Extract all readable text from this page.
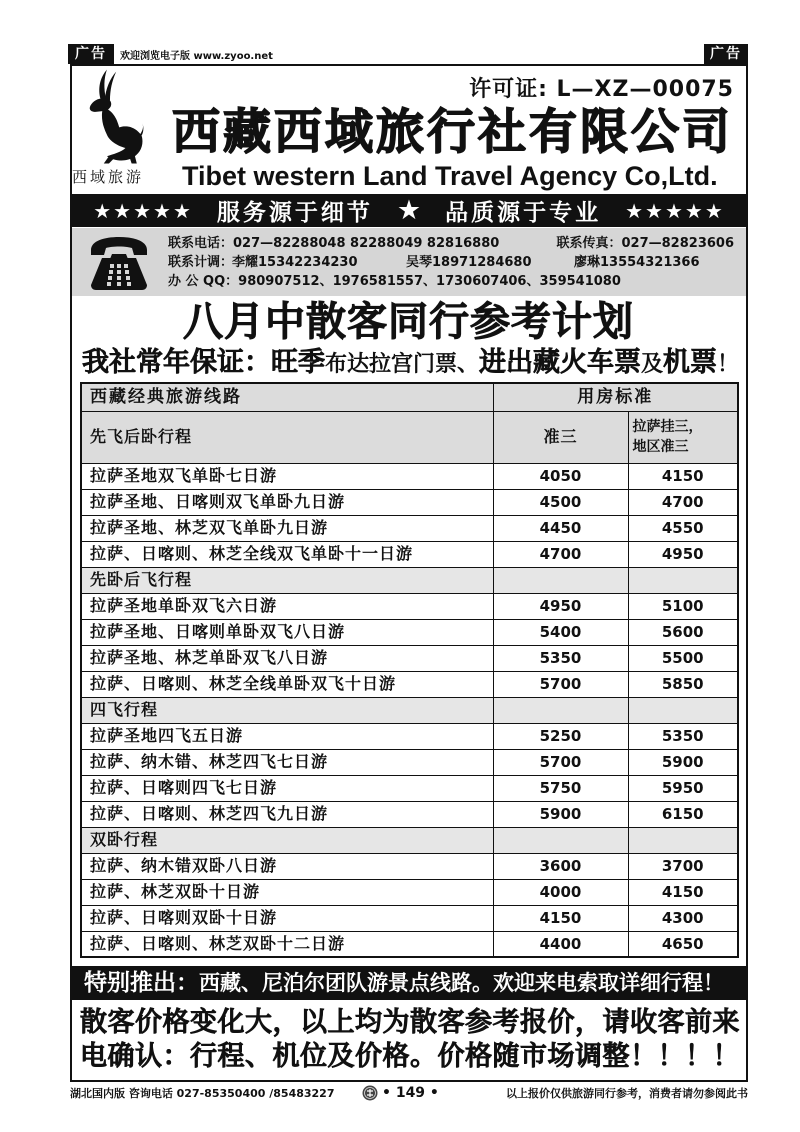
广告	欢迎浏览电子版 www.zyoo.net	广告
西域旅游
许可证: L—XZ—00075
西藏西域旅行社有限公司
Tibet western Land Travel Agency Co,Ltd.
★★★★★ 服务源于细节 ★ 品质源于专业 ★★★★★
联系电话：027—82288048 82288049 82816880	联系传真：027—82823606
联系计调：
李耀15342234230	吴琴18971284680	廖琳13554321366
办 公 QQ：980907512、1976581557、1730607406、359541080
八月中散客同行参考计划
我社常年保证：旺季布达拉宫门票、进出藏火车票及机票！
西藏经典旅游线路	用房标准	
先飞后卧行程	准三	拉萨挂三，
地区准三
拉萨圣地双飞单卧七日游	4050	4150
拉萨圣地、日喀则双飞单卧九日游	4500	4700
拉萨圣地、林芝双飞单卧九日游	4450	4550
拉萨、日喀则、林芝全线双飞单卧十一日游	4700	4950
先卧后飞行程		
拉萨圣地单卧双飞六日游	4950	5100
拉萨圣地、日喀则单卧双飞八日游	5400	5600
拉萨圣地、林芝单卧双飞八日游	5350	5500
拉萨、日喀则、林芝全线单卧双飞十日游	5700	5850
四飞行程		
拉萨圣地四飞五日游	5250	5350
拉萨、纳木错、林芝四飞七日游	5700	5900
拉萨、日喀则四飞七日游	5750	5950
拉萨、日喀则、林芝四飞九日游	5900	6150
双卧行程		
拉萨、纳木错双卧八日游	3600	3700
拉萨、林芝双卧十日游	4000	4150
拉萨、日喀则双卧十日游	4150	4300
拉萨、日喀则、林芝双卧十二日游	4400	4650
特别推出：西藏、尼泊尔团队游景点线路。欢迎来电索取详细行程！
散客价格变化大，以上均为散客参考报价，请收客前来
电确认：行程、机位及价格。价格随市场调整！！！！
湖北国内版 咨询电话 027-85350400 /85483227	• 149 •	以上报价仅供旅游同行参考，消费者请勿参阅此书
